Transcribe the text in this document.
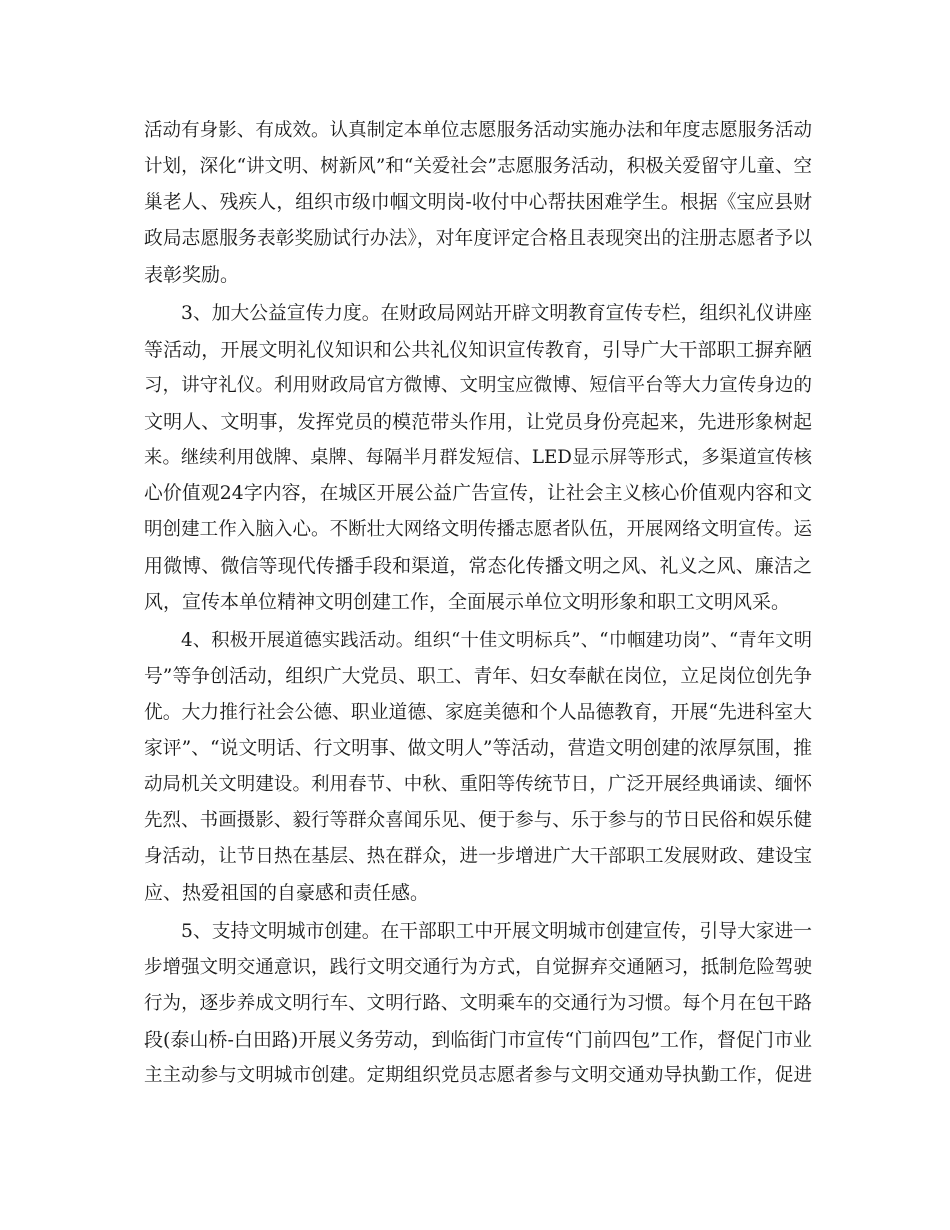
活动有身影、有成效。认真制定本单位志愿服务活动实施办法和年度志愿服务活动
计划，深化“讲文明、树新风”和“关爱社会”志愿服务活动，积极关爱留守儿童、空
巢老人、残疾人，组织市级巾帼文明岗-收付中心帮扶困难学生。根据《宝应县财
政局志愿服务表彰奖励试行办法》，对年度评定合格且表现突出的注册志愿者予以
表彰奖励。
3、加大公益宣传力度。在财政局网站开辟文明教育宣传专栏，组织礼仪讲座
等活动，开展文明礼仪知识和公共礼仪知识宣传教育，引导广大干部职工摒弃陋
习，讲守礼仪。利用财政局官方微博、文明宝应微博、短信平台等大力宣传身边的
文明人、文明事，发挥党员的模范带头作用，让党员身份亮起来，先进形象树起
来。继续利用戗牌、桌牌、每隔半月群发短信、LED显示屏等形式，多渠道宣传核
心价值观24字内容，在城区开展公益广告宣传，让社会主义核心价值观内容和文
明创建工作入脑入心。不断壮大网络文明传播志愿者队伍，开展网络文明宣传。运
用微博、微信等现代传播手段和渠道，常态化传播文明之风、礼义之风、廉洁之
风，宣传本单位精神文明创建工作，全面展示单位文明形象和职工文明风采。
4、积极开展道德实践活动。组织“十佳文明标兵”、“巾帼建功岗”、“青年文明
号”等争创活动，组织广大党员、职工、青年、妇女奉献在岗位，立足岗位创先争
优。大力推行社会公德、职业道德、家庭美德和个人品德教育，开展“先进科室大
家评”、“说文明话、行文明事、做文明人”等活动，营造文明创建的浓厚氛围，推
动局机关文明建设。利用春节、中秋、重阳等传统节日，广泛开展经典诵读、缅怀
先烈、书画摄影、毅行等群众喜闻乐见、便于参与、乐于参与的节日民俗和娱乐健
身活动，让节日热在基层、热在群众，进一步增进广大干部职工发展财政、建设宝
应、热爱祖国的自豪感和责任感。
5、支持文明城市创建。在干部职工中开展文明城市创建宣传，引导大家进一
步增强文明交通意识，践行文明交通行为方式，自觉摒弃交通陋习，抵制危险驾驶
行为，逐步养成文明行车、文明行路、文明乘车的交通行为习惯。每个月在包干路
段(泰山桥-白田路)开展义务劳动，到临街门市宣传“门前四包”工作，督促门市业
主主动参与文明城市创建。定期组织党员志愿者参与文明交通劝导执勤工作，促进
